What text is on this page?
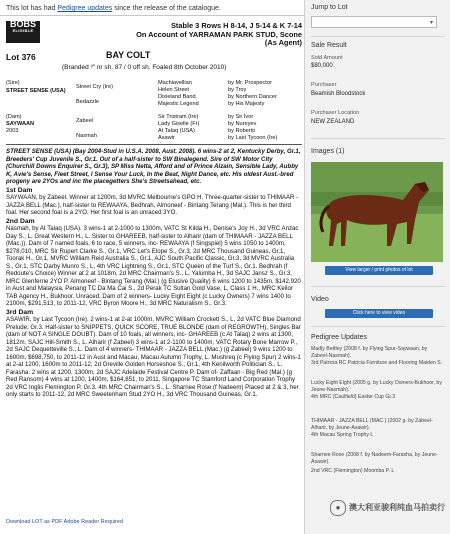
This lot has had Pedigree updates since the release of the catalogue.
BOBS
ELIGIBLE
Stable 3 Rows H 8-14, J 5-14 & K 7-14
On Account of YARRAMAN PARK STUD, Scone
(As Agent)
Lot 376	BAY COLT
(Branded ³″ nr sh. 87 / 0 off sh. Foaled 8th October 2010)
(Sire)
STREET SENSE (USA)
Street Cry (Ire)
Bedazzle
Machiavellian
Helen Street
Dixieland Band
Majestic Legend
by Mr. Prospector
by Troy
by Northern Dancer
by His Majesty
(Dam)
SAYWAAN
2003
Zabeel
Nasmah
Sir Tristram (Ire)
Lady Giselle (Fr)
At Talaq (USA)
Asawir
by Sir Ivor
by Nureyev
by Roberto
by Last Tycoon (Ire)

STREET SENSE (USA) (Bay 2004-Stud in U.S.A. 2008, Aust. 2008). 6 wins-2 at 2, Kentucky Derby, Gr.1, Breeders' Cup Juvenile S., Gr.1. Out of a half-sister to SW Binalegend. Sire of SW Motor City (Churchill Downs Enquirer S., Gr.3), SP Miss Netta, Afford and of Prince Alzain, Sensible Lady, Aubby K, Avie's Sense, Fleet Street, I Sense Your Luck, In the Beat, Night Dance, etc. His oldest Aust.-bred progeny are 2YOs and inc the placegetters She's Streetsahead, etc.

1st Dam

SAYWAAN, by Zabeel. Winner at 1200m, 3d MVRC Melbourne's GPO H. Three-quarter-sister to THIMAAR - JAZZA BELL (Mac.), half-sister to REWAAYA, Bedhrah, Almoneef - Bintang Terang (Mal.). This is her third foal. Her second foal is a 2YO. Her first foal is an unraced 3YO.

2nd Dam

Nasmah, by At Talaq (USA). 3 wins-1 at 2-1000 to 1300m, VATC St Kilda H., Denise's Joy H., 3d VRC Anzac Day S., L, Great Western H., L. Sister to GHAREEB, half-sister to Alharir (dam of THIMAAR - JAZZA BELL (Mac.)). Dam of 7 named foals, 6 to race, 5 winners, inc- REWAAYA (f Singspiel) 5 wins 1050 to 1400m, $278,010, MRC Sir Rupert Clarke S., Gr.1, VRC Let's Elope S., Gr.3, 2d MRC Thousand Guineas, Gr.1, Toorak H., Gr.1, MVRC William Reid Australia S., Gr.1, AJC South Pacific Classic, Gr.3, 3d MVRC Australia S., Gr.1, STC Darby Munro S., L, 4th VRC Lightning S., Gr.1, STC Queen of the Turf S., Gr.1. Bedhrah (f Redoute's Choice) Winner at 2 at 1018m, 2d MRC Chairman's S., L, Yalumba H., 3d SAJC Jansz S., Gr.3, MRC Glenferrie 2YO P. Almoneef - Bintang Terang (Mal.) (g Elusive Quality) 6 wins 1200 to 1435m, $142,920 in Aust and Malaysia, Penang TC Da Ma Cai S., 2d Perak TC Sultan Gold Vase, L, Class 1 H., MRC Keilor TAB Agency H., Bukhoor. Unraced. Dam of 2 winners- Lucky Eight Eight (c Lucky Owners) 7 wins 1400 to 2100m, $291,513, to 2011-12, VRC Byron Moore H., 3d MRC Naturalism S., Gr.3.

3rd Dam

ASAWIR, by Last Tycoon (Ire). 2 wins-1 at 2-at 1000m, MVRC William Crockett S., L, 2d VATC Blue Diamond Prelude, Gr.3. Half-sister to SNIPPETS, QUICK SCORE, TRUE BLONDE (dam of REGROWTH), Singles Bar (dam of NOT A SINGLE DOUBT). Dam of 10 foals, all winners, inc- GHAREEB (c At Talaq) 2 wins at 1300, 1812m, SAJC Hill-Smith S., L. Alharir (f Zabeel) 3 wins-1 at 2-1100 to 1400m, VATC Rotary Bone Marrow P., 2d SAJC Dequetteville S., L. Dam of 4 winners- THIMAAR - JAZZA BELL (Mac.) (g Zabeel) 9 wins 1200 to 1600m, $698,750, to 2011-12 in Aust and Macau, Macau Autumn Trophy, L. Mushreq (c Flying Spur) 2 wins-1 at 2-at 1200, 1600m to 2011-12, 2d Greville Golden Horseshoe S., Gr.1, 4th Kenilworth Politician S., L. Farasha. 2 wins at 1200, 1300m, 2d SAJC Adelaide Festival Centre P. Dam of- Zaffaan - Big Red (Mal.) (g Red Ransom) 4 wins at 1200, 1400m, $164,851, to 2011, Singapore TC Stamford Land Corporation Trophy 2d VRC Inglis Flemington P, Gr.3, 4th MRC Chairman's S., L. Sharnee Rose (f Nadeem) Placed at 2 & 3, her only starts to 2011-12, 2d MRC Sweetenham Stud 2YO H., 3d VRC Thousand Guineas, Gr.1.

Download LOT as PDF Adobe Reader Required
Jump to Lot
▾
Sale Result
Sold Amount
$80,000
Purchaser
Beamish Bloodstock
Purchaser Location
NEW ZEALAND
Images (1)
View larger / print photos of lot
Video
Click here to view video
Pedigree Updates
Madly Bettley (2008 f. by Flying Spur-Saywaan, by Zabeel-Nasmah).
3rd Patricia RC Patricia Furniture and Flooring Maiden S.
Lucky Eight Eight (2005 g. by Lucky Owners-Bukhoor, by Jeune-Nasmah).
4th MRC (Caulfield) Easter Cup Gr.3
THIMAAR - JAZZA BELL (MAC.) (2002 g. by Zabeel-Alharir, by Jeune-Asawir).
4th Macau Spring Trophy L
Sharnee Rose (2008 f. by Nadeem-Farasha, by Jeune-Asawir).
2nd VRC (Flemington) Moomba P. L
● 澳大利亚骏利纯血马拍卖行
